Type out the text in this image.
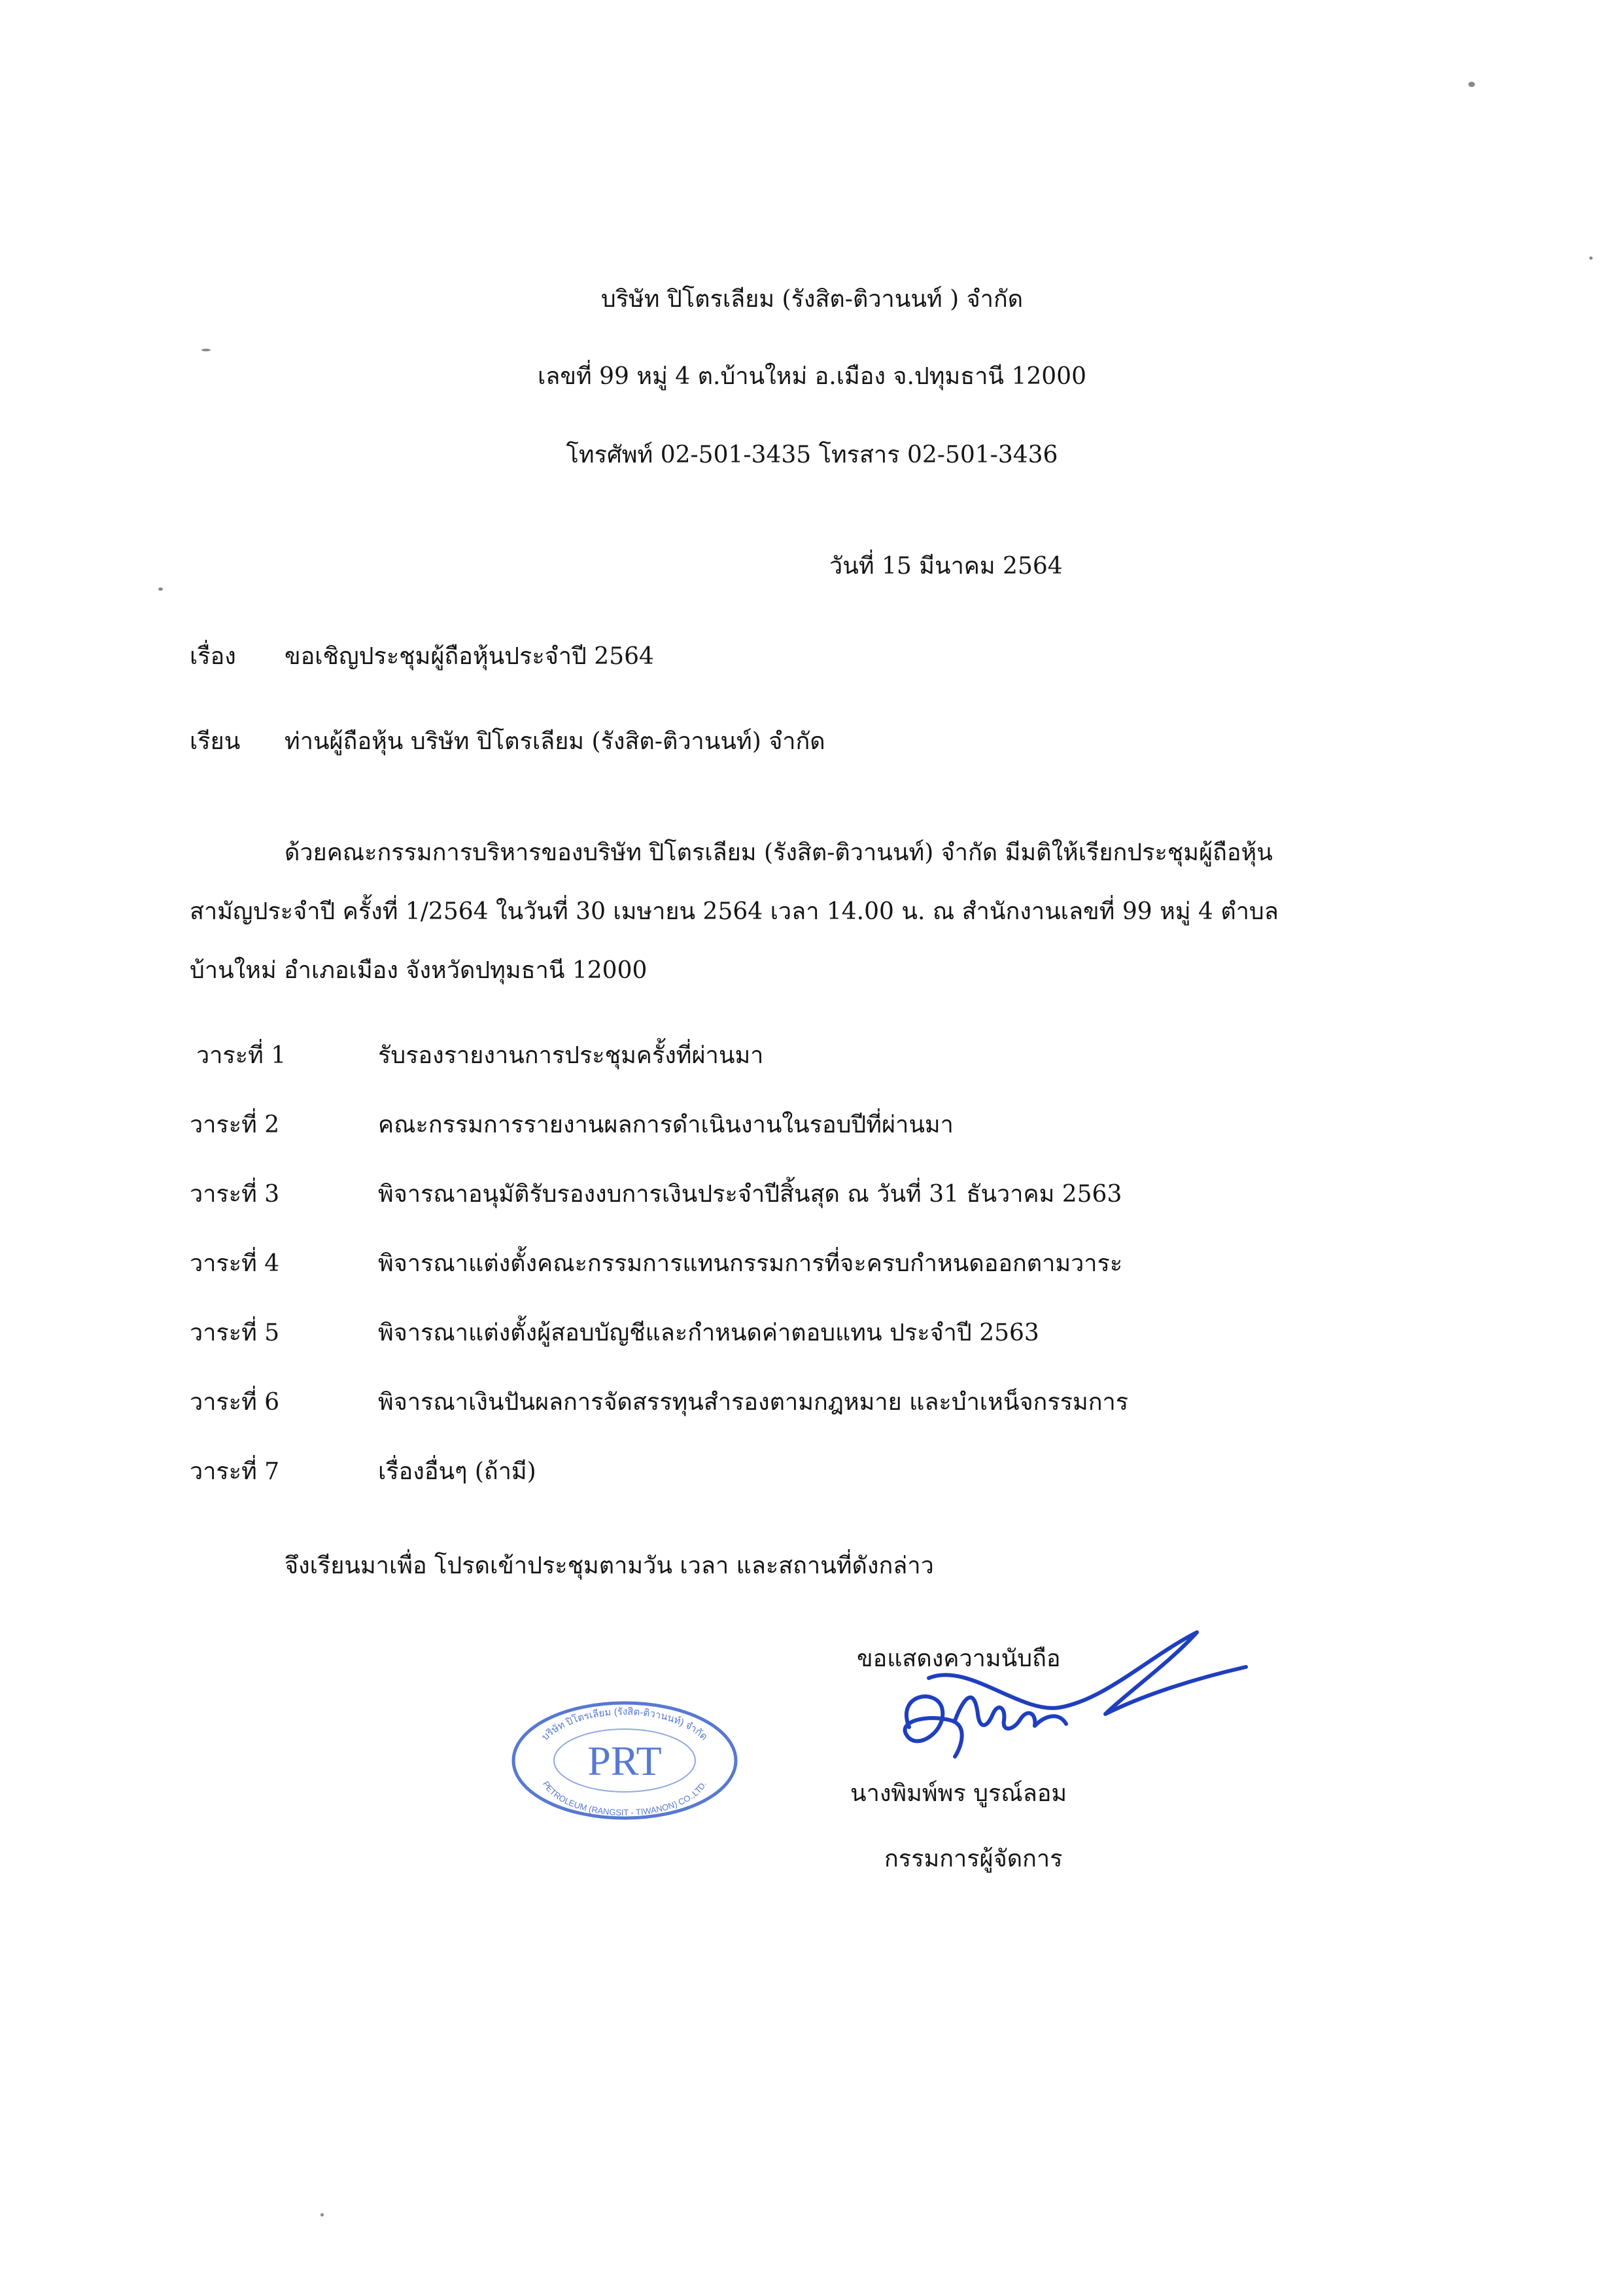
บริษัท ปิโตรเลียม (รังสิต-ติวานนท์ ) จำกัด
เลขที่ 99 หมู่ 4 ต.บ้านใหม่ อ.เมือง จ.ปทุมธานี 12000
โทรศัพท์ 02-501-3435 โทรสาร 02-501-3436
วันที่ 15 มีนาคม 2564
เรื่อง ขอเชิญประชุมผู้ถือหุ้นประจำปี 2564
เรียน ท่านผู้ถือหุ้น บริษัท ปิโตรเลียม (รังสิต-ติวานนท์) จำกัด
ด้วยคณะกรรมการบริหารของบริษัท ปิโตรเลียม (รังสิต-ติวานนท์) จำกัด มีมติให้เรียกประชุมผู้ถือหุ้น
สามัญประจำปี ครั้งที่ 1/2564 ในวันที่ 30 เมษายน 2564 เวลา 14.00 น. ณ สำนักงานเลขที่ 99 หมู่ 4 ตำบล
บ้านใหม่ อำเภอเมือง จังหวัดปทุมธานี 12000
วาระที่ 1	รับรองรายงานการประชุมครั้งที่ผ่านมา
วาระที่ 2	คณะกรรมการรายงานผลการดำเนินงานในรอบปีที่ผ่านมา
วาระที่ 3	พิจารณาอนุมัติรับรองงบการเงินประจำปีสิ้นสุด ณ วันที่ 31 ธันวาคม 2563
วาระที่ 4	พิจารณาแต่งตั้งคณะกรรมการแทนกรรมการที่จะครบกำหนดออกตามวาระ
วาระที่ 5	พิจารณาแต่งตั้งผู้สอบบัญชีและกำหนดค่าตอบแทน ประจำปี 2563
วาระที่ 6	พิจารณาเงินปันผลการจัดสรรทุนสำรองตามกฎหมาย และบำเหน็จกรรมการ
วาระที่ 7	เรื่องอื่นๆ (ถ้ามี)
จึงเรียนมาเพื่อ โปรดเข้าประชุมตามวัน เวลา และสถานที่ดังกล่าว
ขอแสดงความนับถือ
นางพิมพ์พร บูรณ์ลอม
กรรมการผู้จัดการ
บริษัท ปิโตรเลียม (รังสิต-ติวานนท์) จำกัด
PETROLEUM (RANGSIT - TIWANON) CO.,LTD.
PRT
